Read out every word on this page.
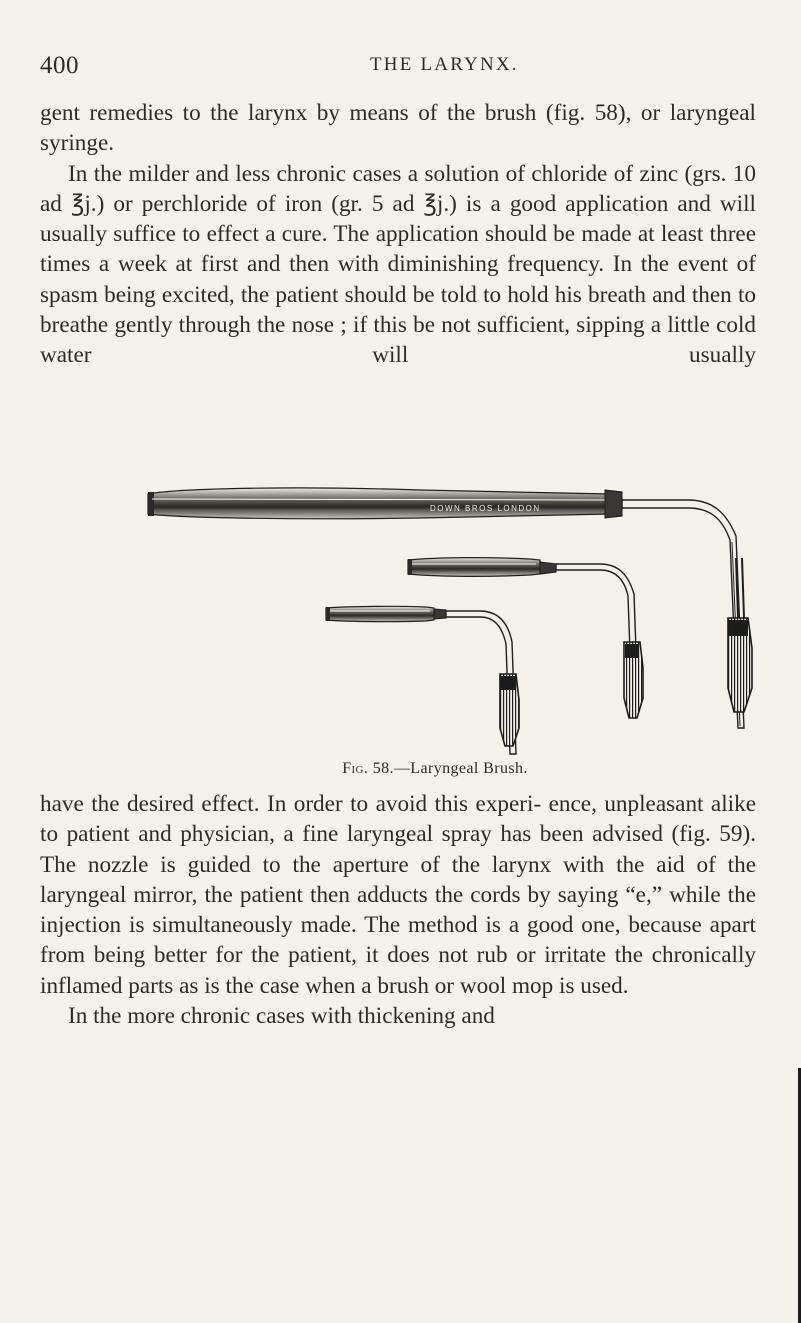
400	THE LARYNX.

gent remedies to the larynx by means of the brush (fig. 58), or laryngeal syringe.

In the milder and less chronic cases a solution of chloride of zinc (grs. 10 ad ℥j.) or perchloride of iron (gr. 5 ad ℥j.) is a good application and will usually suffice to effect a cure. The application should be made at least three times a week at first and then with diminishing frequency. In the event of spasm being excited, the patient should be told to hold his breath and then to breathe gently through the nose ; if this be not sufficient, sipping a little cold water will usually

DOWN BROS LONDON
Fig. 58.—Laryngeal Brush.

have the desired effect. In order to avoid this experi- ence, unpleasant alike to patient and physician, a fine laryngeal spray has been advised (fig. 59). The nozzle is guided to the aperture of the larynx with the aid of the laryngeal mirror, the patient then adducts the cords by saying “e,” while the injection is simultaneously made. The method is a good one, because apart from being better for the patient, it does not rub or irritate the chronically inflamed parts as is the case when a brush or wool mop is used.

In the more chronic cases with thickening and
